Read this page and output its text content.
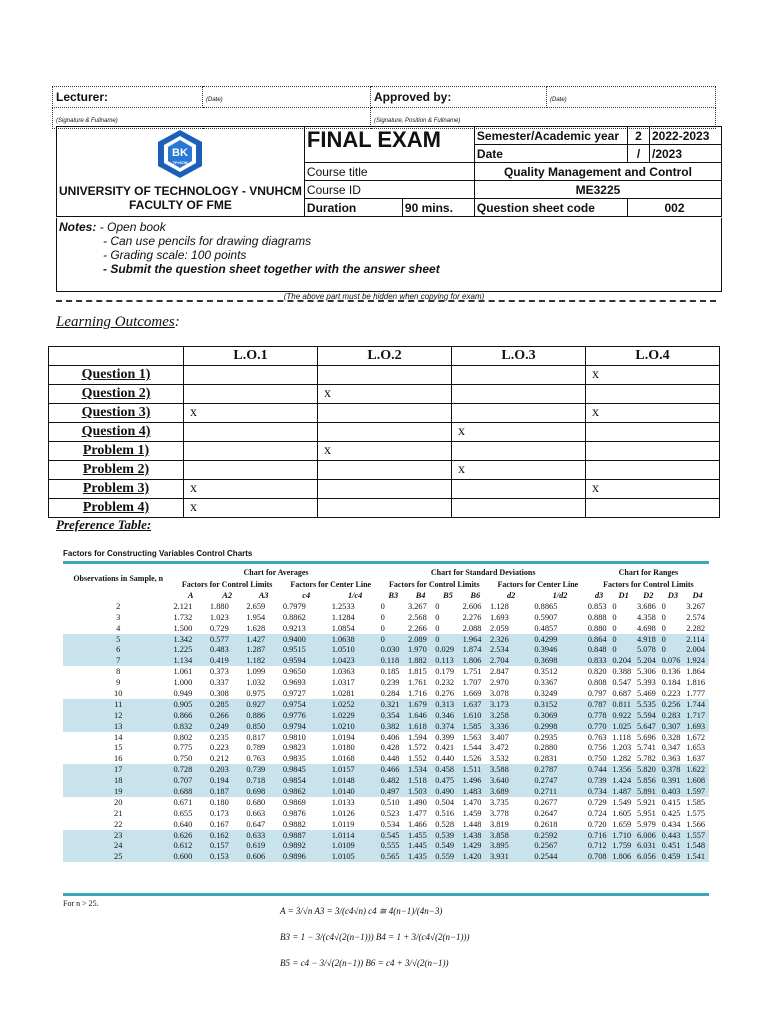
Lecturer:	(Date)	Approved by:	(Date)
(Signature & Fullname)		(Signature, Position & Fullname)	
BK
TP.HCM
UNIVERSITY OF TECHNOLOGY - VNUHCM
FACULTY OF FME	FINAL EXAM		Semester/Academic year	2	2022-2023
			Date	/	/2023
	Course title		Quality Management and Control		
	Course ID		ME3225		
	Duration	90 mins.	Question sheet code	002	
Notes: - Open book
- Can use pencils for drawing diagrams
- Grading scale: 100 points
- Submit the question sheet together with the answer sheet
(The above part must be hidden when copying for exam)
Learning Outcomes:
	L.O.1	L.O.2	L.O.3	L.O.4
Question 1)				x
Question 2)		x		
Question 3)	x			x
Question 4)			x	
Problem 1)		x		
Problem 2)			x	
Problem 3)	x			x
Problem 4)	x			
Preference Table:
Factors for Constructing Variables Control Charts
Observations in Sample, n	Chart for Averages					Chart for Standard Deviations						Chart for Ranges				
	Factors for Control Limits			Factors for Center Line		Factors for Control Limits				Factors for Center Line		Factors for Control Limits				
	A	A2	A3	c4	1/c4	B3	B4	B5	B6	d2	1/d2	d3	D1	D2	D3	D4
2	2.121	1.880	2.659	0.7979	1.2533	0	3.267	0	2.606	1.128	0.8865	0.853	0	3.686	0	3.267
3	1.732	1.023	1.954	0.8862	1.1284	0	2.568	0	2.276	1.693	0.5907	0.888	0	4.358	0	2.574
4	1.500	0.729	1.628	0.9213	1.0854	0	2.266	0	2.088	2.059	0.4857	0.880	0	4.698	0	2.282
5	1.342	0.577	1.427	0.9400	1.0638	0	2.089	0	1.964	2.326	0.4299	0.864	0	4.918	0	2.114
6	1.225	0.483	1.287	0.9515	1.0510	0.030	1.970	0.029	1.874	2.534	0.3946	0.848	0	5.078	0	2.004
7	1.134	0.419	1.182	0.9594	1.0423	0.118	1.882	0.113	1.806	2.704	0.3698	0.833	0.204	5.204	0.076	1.924
8	1.061	0.373	1.099	0.9650	1.0363	0.185	1.815	0.179	1.751	2.847	0.3512	0.820	0.388	5.306	0.136	1.864
9	1.000	0.337	1.032	0.9693	1.0317	0.239	1.761	0.232	1.707	2.970	0.3367	0.808	0.547	5.393	0.184	1.816
10	0.949	0.308	0.975	0.9727	1.0281	0.284	1.716	0.276	1.669	3.078	0.3249	0.797	0.687	5.469	0.223	1.777
11	0.905	0.285	0.927	0.9754	1.0252	0.321	1.679	0.313	1.637	3.173	0.3152	0.787	0.811	5.535	0.256	1.744
12	0.866	0.266	0.886	0.9776	1.0229	0.354	1.646	0.346	1.610	3.258	0.3069	0.778	0.922	5.594	0.283	1.717
13	0.832	0.249	0.850	0.9794	1.0210	0.382	1.618	0.374	1.585	3.336	0.2998	0.770	1.025	5.647	0.307	1.693
14	0.802	0.235	0.817	0.9810	1.0194	0.406	1.594	0.399	1.563	3.407	0.2935	0.763	1.118	5.696	0.328	1.672
15	0.775	0.223	0.789	0.9823	1.0180	0.428	1.572	0.421	1.544	3.472	0.2880	0.756	1.203	5.741	0.347	1.653
16	0.750	0.212	0.763	0.9835	1.0168	0.448	1.552	0.440	1.526	3.532	0.2831	0.750	1.282	5.782	0.363	1.637
17	0.728	0.203	0.739	0.9845	1.0157	0.466	1.534	0.458	1.511	3.588	0.2787	0.744	1.356	5.820	0.378	1.622
18	0.707	0.194	0.718	0.9854	1.0148	0.482	1.518	0.475	1.496	3.640	0.2747	0.739	1.424	5.856	0.391	1.608
19	0.688	0.187	0.698	0.9862	1.0140	0.497	1.503	0.490	1.483	3.689	0.2711	0.734	1.487	5.891	0.403	1.597
20	0.671	0.180	0.680	0.9869	1.0133	0.510	1.490	0.504	1.470	3.735	0.2677	0.729	1.549	5.921	0.415	1.585
21	0.655	0.173	0.663	0.9876	1.0126	0.523	1.477	0.516	1.459	3.778	0.2647	0.724	1.605	5.951	0.425	1.575
22	0.640	0.167	0.647	0.9882	1.0119	0.534	1.466	0.528	1.448	3.819	0.2618	0.720	1.659	5.979	0.434	1.566
23	0.626	0.162	0.633	0.9887	1.0114	0.545	1.455	0.539	1.438	3.858	0.2592	0.716	1.710	6.006	0.443	1.557
24	0.612	0.157	0.619	0.9892	1.0109	0.555	1.445	0.549	1.429	3.895	0.2567	0.712	1.759	6.031	0.451	1.548
25	0.600	0.153	0.606	0.9896	1.0105	0.565	1.435	0.559	1.420	3.931	0.2544	0.708	1.806	6.056	0.459	1.541
For n > 25.
A = 3/√n A3 = 3/(c4√n) c4 ≅ 4(n−1)/(4n−3)
B3 = 1 − 3/(c4√(2(n−1))) B4 = 1 + 3/(c4√(2(n−1)))
B5 = c4 − 3/√(2(n−1)) B6 = c4 + 3/√(2(n−1))
